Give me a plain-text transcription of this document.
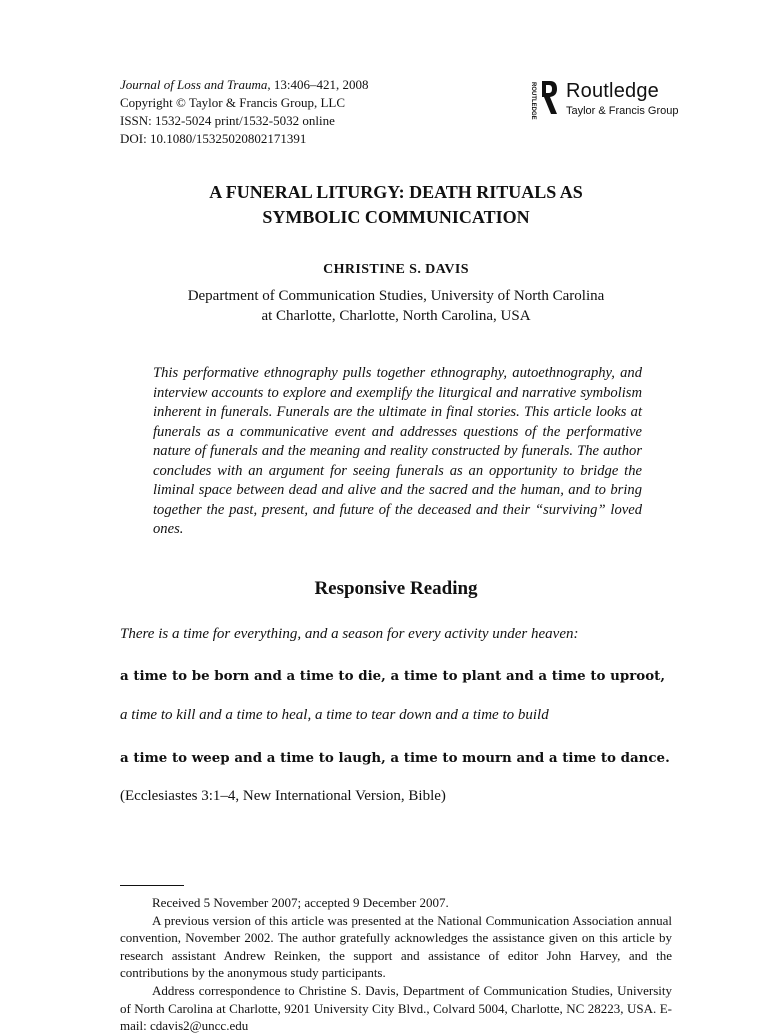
Journal of Loss and Trauma, 13:406–421, 2008
Copyright © Taylor & Francis Group, LLC
ISSN: 1532-5024 print/1532-5032 online
DOI: 10.1080/15325020802171391
ROUTLEDGE Routledge
Taylor & Francis Group
A FUNERAL LITURGY: DEATH RITUALS AS
SYMBOLIC COMMUNICATION
CHRISTINE S. DAVIS
Department of Communication Studies, University of North Carolina
at Charlotte, Charlotte, North Carolina, USA
This performative ethnography pulls together ethnography, autoethnography, and interview accounts to explore and exemplify the liturgical and narrative symbolism inherent in funerals. Funerals are the ultimate in final stories. This article looks at funerals as a communicative event and addresses questions of the performative nature of funerals and the meaning and reality constructed by funerals. The author concludes with an argument for seeing funerals as an opportunity to bridge the liminal space between dead and alive and the sacred and the human, and to bring together the past, present, and future of the deceased and their “surviving” loved ones.
Responsive Reading
There is a time for everything, and a season for every activity under heaven:
a time to be born and a time to die, a time to plant and a time to uproot,
a time to kill and a time to heal, a time to tear down and a time to build
a time to weep and a time to laugh, a time to mourn and a time to dance.
(Ecclesiastes 3:1–4, New International Version, Bible)

Received 5 November 2007; accepted 9 December 2007.

A previous version of this article was presented at the National Communication Association annual convention, November 2002. The author gratefully acknowledges the assistance given on this article by research assistant Andrew Reinken, the support and assistance of editor John Harvey, and the contributions by the anonymous study participants.

Address correspondence to Christine S. Davis, Department of Communication Studies, University of North Carolina at Charlotte, 9201 University City Blvd., Colvard 5004, Charlotte, NC 28223, USA. E-mail: cdavis2@uncc.edu
